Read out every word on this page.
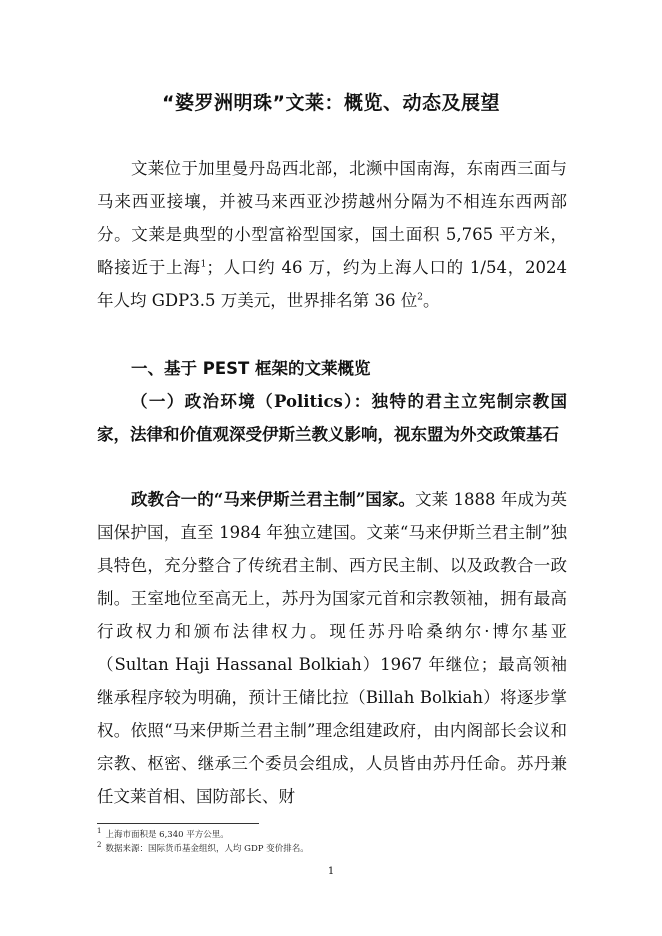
“婆罗洲明珠”文莱：概览、动态及展望

文莱位于加里曼丹岛西北部，北濒中国南海，东南西三面与马来西亚接壤，并被马来西亚沙捞越州分隔为不相连东西两部分。文莱是典型的小型富裕型国家，国土面积 5,765 平方米，略接近于上海$^1$；人口约 46 万，约为上海人口的 1/54，2024 年人均 GDP3.5 万美元，世界排名第 36 位$^2$。

一、基于 PEST 框架的文莱概览
（一）政治环境（Politics）：独特的君主立宪制宗教国家，法律和价值观深受伊斯兰教义影响，视东盟为外交政策基石

政教合一的“马来伊斯兰君主制”国家。文莱 1888 年成为英国保护国，直至 1984 年独立建国。文莱“马来伊斯兰君主制”独具特色，充分整合了传统君主制、西方民主制、以及政教合一政制。王室地位至高无上，苏丹为国家元首和宗教领袖，拥有最高行政权力和颁布法律权力。现任苏丹哈桑纳尔·博尔基亚（Sultan Haji Hassanal Bolkiah）1967 年继位；最高领袖继承程序较为明确，预计王储比拉（Billah Bolkiah）将逐步掌权。依照“马来伊斯兰君主制”理念组建政府，由内阁部长会议和宗教、枢密、继承三个委员会组成，人员皆由苏丹任命。苏丹兼任文莱首相、国防部长、财

$^1$ 上海市面积是 6,340 平方公里。
$^2$ 数据来源：国际货币基金组织，人均 GDP 变价排名。

1
